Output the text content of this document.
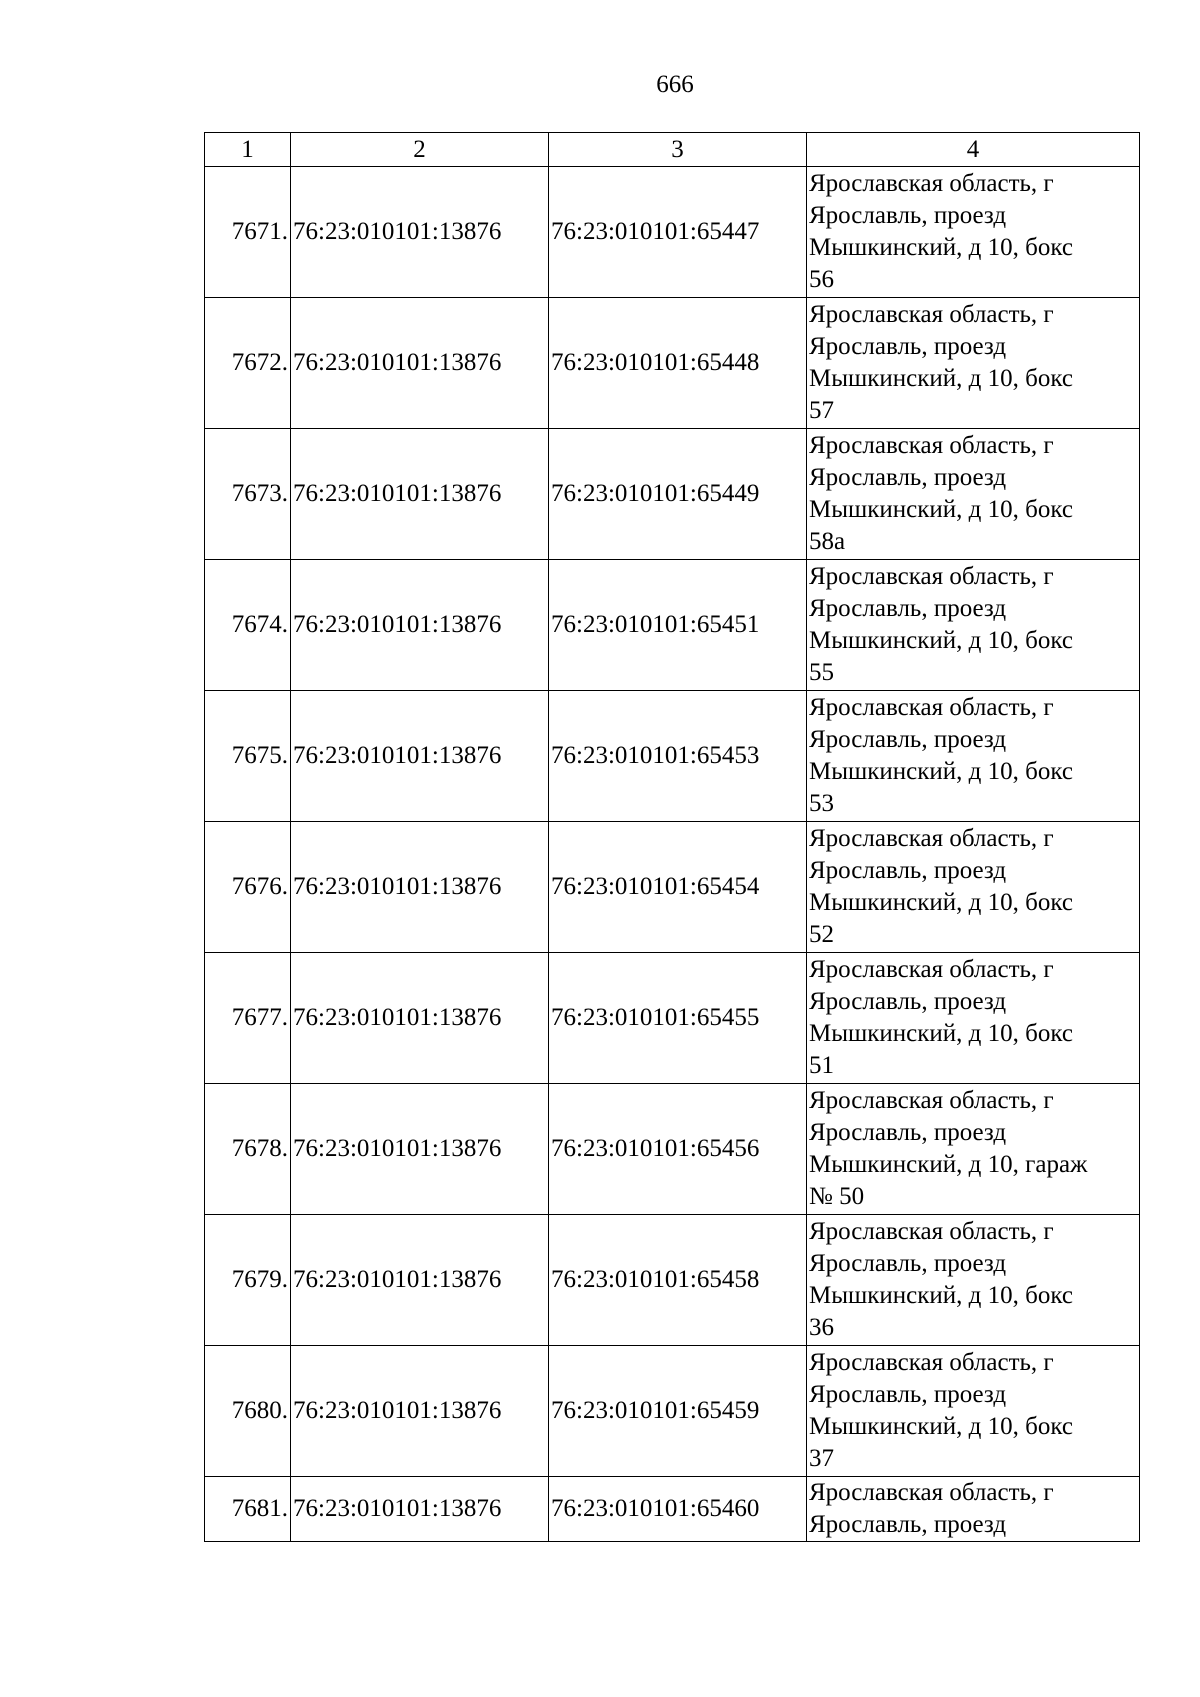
666
1	2	3	4
7671.	76:23:010101:13876	76:23:010101:65447	Ярославская область, г
Ярославль, проезд
Мышкинский, д 10, бокс
56

7672.	76:23:010101:13876	76:23:010101:65448	Ярославская область, г
Ярославль, проезд
Мышкинский, д 10, бокс
57

7673.	76:23:010101:13876	76:23:010101:65449	Ярославская область, г
Ярославль, проезд
Мышкинский, д 10, бокс
58а

7674.	76:23:010101:13876	76:23:010101:65451	Ярославская область, г
Ярославль, проезд
Мышкинский, д 10, бокс
55

7675.	76:23:010101:13876	76:23:010101:65453	Ярославская область, г
Ярославль, проезд
Мышкинский, д 10, бокс
53

7676.	76:23:010101:13876	76:23:010101:65454	Ярославская область, г
Ярославль, проезд
Мышкинский, д 10, бокс
52

7677.	76:23:010101:13876	76:23:010101:65455	Ярославская область, г
Ярославль, проезд
Мышкинский, д 10, бокс
51

7678.	76:23:010101:13876	76:23:010101:65456	Ярославская область, г
Ярославль, проезд
Мышкинский, д 10, гараж
№ 50

7679.	76:23:010101:13876	76:23:010101:65458	Ярославская область, г
Ярославль, проезд
Мышкинский, д 10, бокс
36

7680.	76:23:010101:13876	76:23:010101:65459	Ярославская область, г
Ярославль, проезд
Мышкинский, д 10, бокс
37

7681.	76:23:010101:13876	76:23:010101:65460	Ярославская область, г
Ярославль, проезд
